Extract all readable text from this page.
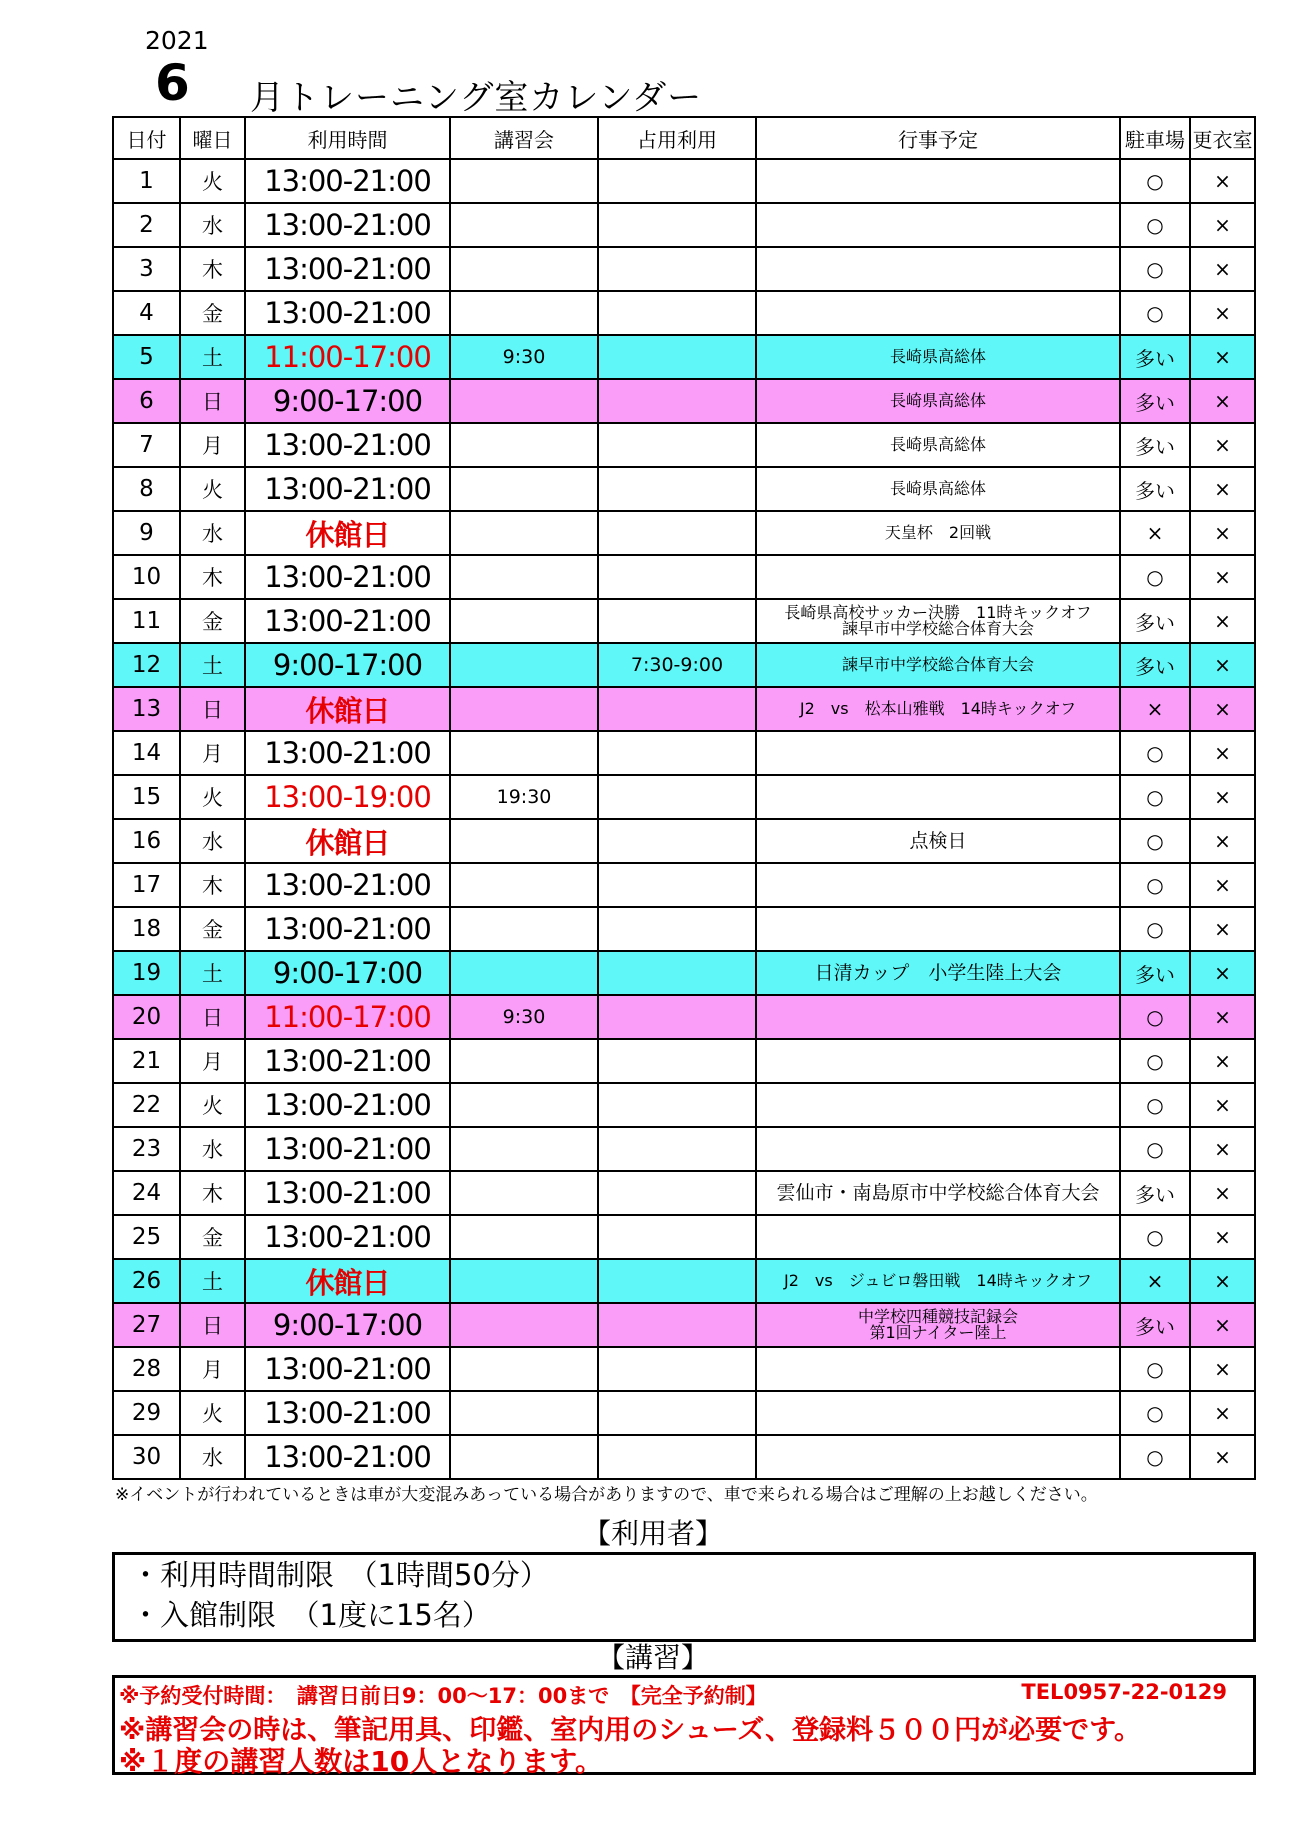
2021
6 月トレーニング室カレンダー
日付	曜日	利用時間	講習会	占用利用	行事予定	駐車場	更衣室
1	火	13:00-21:00				○	×
2	水	13:00-21:00				○	×
3	木	13:00-21:00				○	×
4	金	13:00-21:00				○	×
5	土	11:00-17:00	9:30		長崎県高総体	多い	×
6	日	9:00-17:00			長崎県高総体	多い	×
7	月	13:00-21:00			長崎県高総体	多い	×
8	火	13:00-21:00			長崎県高総体	多い	×
9	水	休館日			天皇杯　2回戦	×	×
10	木	13:00-21:00				○	×
11	金	13:00-21:00			長崎県高校サッカー決勝　11時キックオフ
諫早市中学校総合体育大会	多い	×
12	土	9:00-17:00		7:30-9:00	諫早市中学校総合体育大会	多い	×
13	日	休館日			J2　vs　松本山雅戦　14時キックオフ	×	×
14	月	13:00-21:00				○	×
15	火	13:00-19:00	19:30			○	×
16	水	休館日			点検日	○	×
17	木	13:00-21:00				○	×
18	金	13:00-21:00				○	×
19	土	9:00-17:00			日清カップ　小学生陸上大会	多い	×
20	日	11:00-17:00	9:30			○	×
21	月	13:00-21:00				○	×
22	火	13:00-21:00				○	×
23	水	13:00-21:00				○	×
24	木	13:00-21:00			雲仙市・南島原市中学校総合体育大会	多い	×
25	金	13:00-21:00				○	×
26	土	休館日			J2　vs　ジュビロ磐田戦　14時キックオフ	×	×
27	日	9:00-17:00			中学校四種競技記録会
第1回ナイター陸上	多い	×
28	月	13:00-21:00				○	×
29	火	13:00-21:00				○	×
30	水	13:00-21:00				○	×
※イベントが行われているときは車が大変混みあっている場合がありますので、車で来られる場合はご理解の上お越しください。
【利用者】
・利用時間制限　（1時間50分）
・入館制限　（1度に15名）
【講習】
※予約受付時間：　講習日前日9：00～17：00まで　【完全予約制】	TEL0957-22-0129
※講習会の時は、筆記用具、印鑑、室内用のシューズ、登録料５００円が必要です。
※１度の講習人数は10人となります。
